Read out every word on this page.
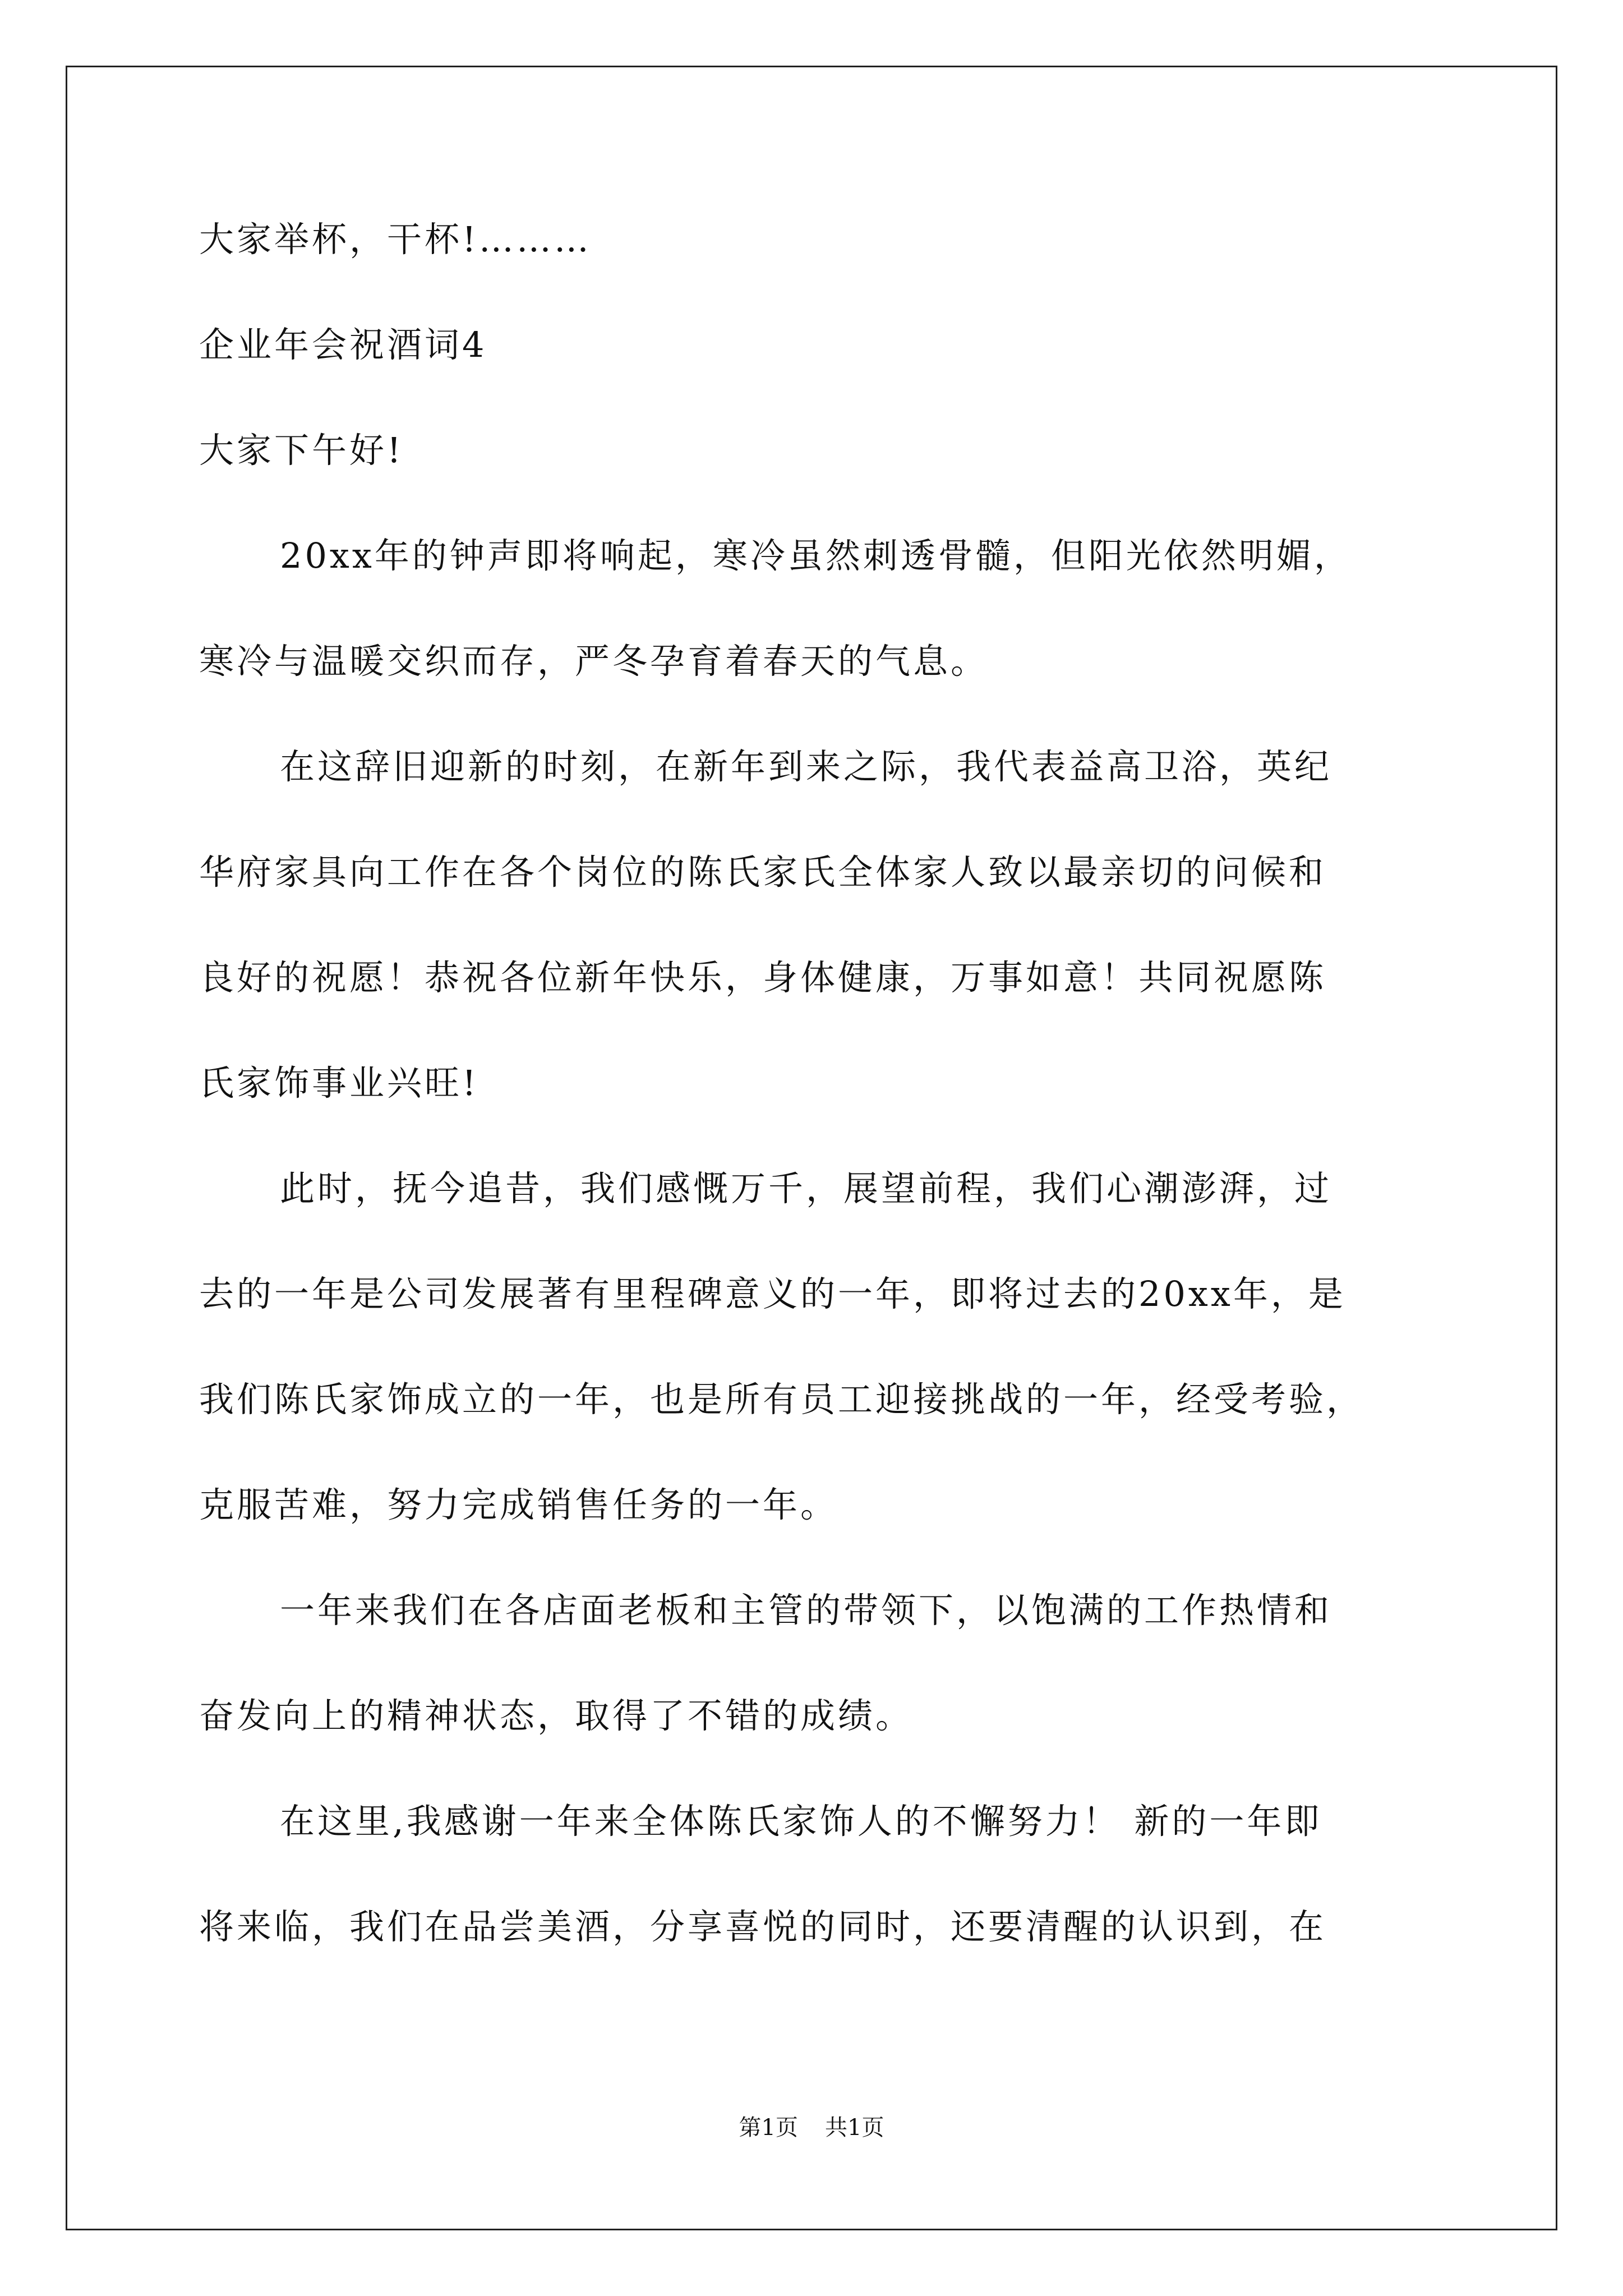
大家举杯，干杯!………

企业年会祝酒词4

大家下午好!

20xx年的钟声即将响起，寒冷虽然刺透骨髓，但阳光依然明媚，

寒冷与温暖交织而存，严冬孕育着春天的气息。

在这辞旧迎新的时刻，在新年到来之际，我代表益高卫浴，英纪

华府家具向工作在各个岗位的陈氏家氏全体家人致以最亲切的问候和

良好的祝愿！恭祝各位新年快乐，身体健康，万事如意！共同祝愿陈

氏家饰事业兴旺!

此时，抚今追昔，我们感慨万千，展望前程，我们心潮澎湃，过

去的一年是公司发展著有里程碑意义的一年，即将过去的20xx年，是

我们陈氏家饰成立的一年，也是所有员工迎接挑战的一年，经受考验，

克服苦难，努力完成销售任务的一年。

一年来我们在各店面老板和主管的带领下，以饱满的工作热情和

奋发向上的精神状态，取得了不错的成绩。

在这里,我感谢一年来全体陈氏家饰人的不懈努力！ 新的一年即

将来临，我们在品尝美酒，分享喜悦的同时，还要清醒的认识到，在

第1页 共1页
